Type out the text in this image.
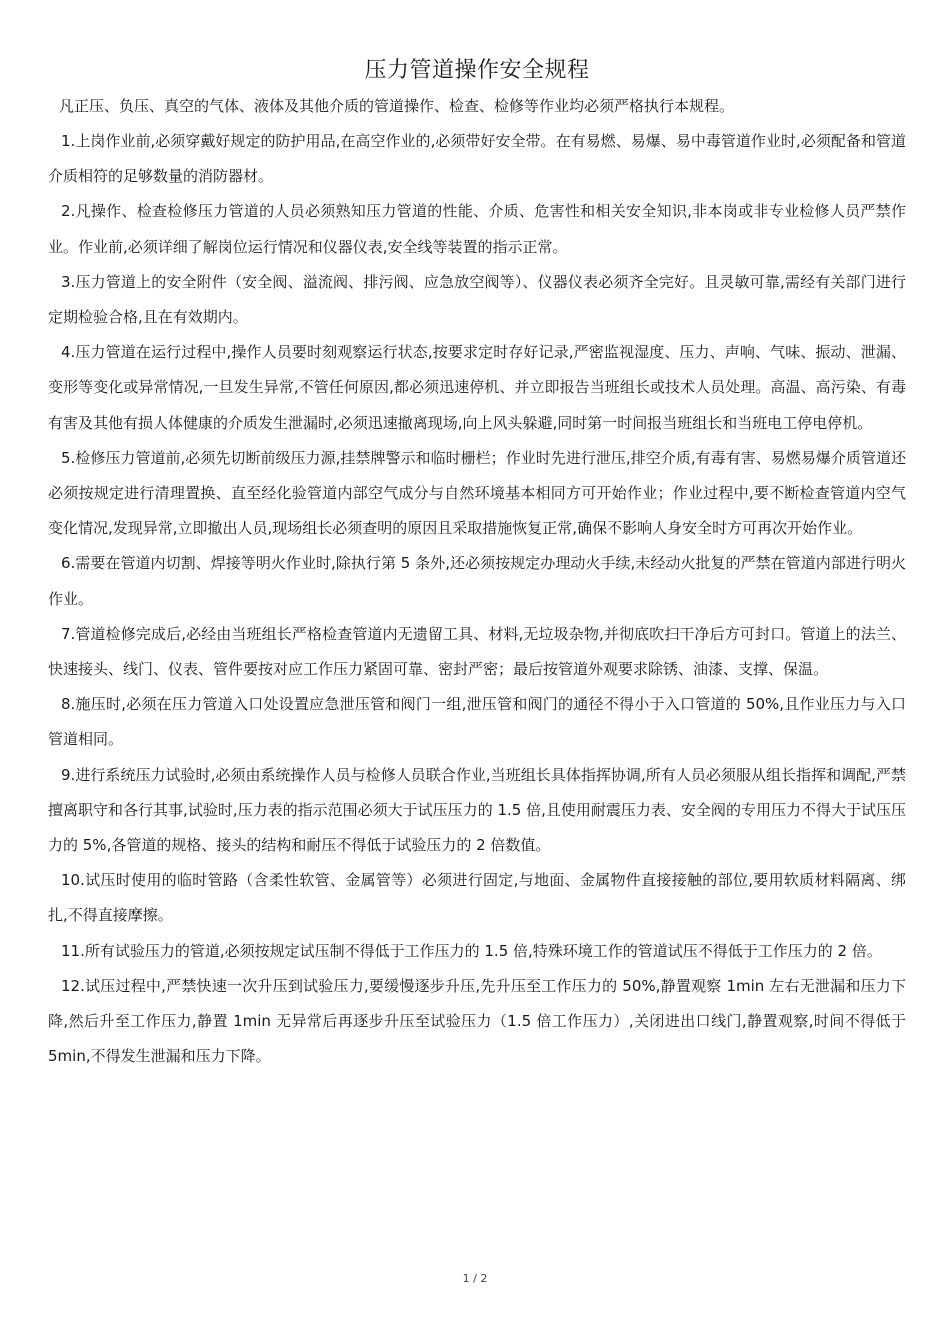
压力管道操作安全规程

凡正压、负压、真空的气体、液体及其他介质的管道操作、检查、检修等作业均必须严格执行本规程。

1.上岗作业前,必须穿戴好规定的防护用品,在高空作业的,必须带好安全带。在有易燃、易爆、易中毒管道作业时,必须配备和管道介质相符的足够数量的消防器材。

2.凡操作、检查检修压力管道的人员必须熟知压力管道的性能、介质、危害性和相关安全知识,非本岗或非专业检修人员严禁作业。作业前,必须详细了解岗位运行情况和仪器仪表,安全线等装置的指示正常。

3.压力管道上的安全附件（安全阀、溢流阀、排污阀、应急放空阀等）、仪器仪表必须齐全完好。且灵敏可靠,需经有关部门进行定期检验合格,且在有效期内。

4.压力管道在运行过程中,操作人员要时刻观察运行状态,按要求定时存好记录,严密监视湿度、压力、声响、气味、振动、泄漏、变形等变化或异常情况,一旦发生异常,不管任何原因,都必须迅速停机、并立即报告当班组长或技术人员处理。高温、高污染、有毒有害及其他有损人体健康的介质发生泄漏时,必须迅速撤离现场,向上风头躲避,同时第一时间报当班组长和当班电工停电停机。

5.检修压力管道前,必须先切断前级压力源,挂禁牌警示和临时栅栏；作业时先进行泄压,排空介质,有毒有害、易燃易爆介质管道还必须按规定进行清理置换、直至经化验管道内部空气成分与自然环境基本相同方可开始作业；作业过程中,要不断检查管道内空气变化情况,发现异常,立即撤出人员,现场组长必须查明的原因且采取措施恢复正常,确保不影响人身安全时方可再次开始作业。

6.需要在管道内切割、焊接等明火作业时,除执行第 5 条外,还必须按规定办理动火手续,未经动火批复的严禁在管道内部进行明火作业。

7.管道检修完成后,必经由当班组长严格检查管道内无遗留工具、材料,无垃圾杂物,并彻底吹扫干净后方可封口。管道上的法兰、快速接头、线门、仪表、管件要按对应工作压力紧固可靠、密封严密；最后按管道外观要求除锈、油漆、支撑、保温。

8.施压时,必须在压力管道入口处设置应急泄压管和阀门一组,泄压管和阀门的通径不得小于入口管道的 50%,且作业压力与入口管道相同。

9.进行系统压力试验时,必须由系统操作人员与检修人员联合作业,当班组长具体指挥协调,所有人员必须服从组长指挥和调配,严禁擅离职守和各行其事,试验时,压力表的指示范围必须大于试压压力的 1.5 倍,且使用耐震压力表、安全阀的专用压力不得大于试压压力的 5%,各管道的规格、接头的结构和耐压不得低于试验压力的 2 倍数值。

10.试压时使用的临时管路（含柔性软管、金属管等）必须进行固定,与地面、金属物件直接接触的部位,要用软质材料隔离、绑扎,不得直接摩擦。

11.所有试验压力的管道,必须按规定试压制不得低于工作压力的 1.5 倍,特殊环境工作的管道试压不得低于工作压力的 2 倍。

12.试压过程中,严禁快速一次升压到试验压力,要缓慢逐步升压,先升压至工作压力的 50%,静置观察 1min 左右无泄漏和压力下降,然后升至工作压力,静置 1min 无异常后再逐步升压至试验压力（1.5 倍工作压力）,关闭进出口线门,静置观察,时间不得低于 5min,不得发生泄漏和压力下降。

1 / 2
